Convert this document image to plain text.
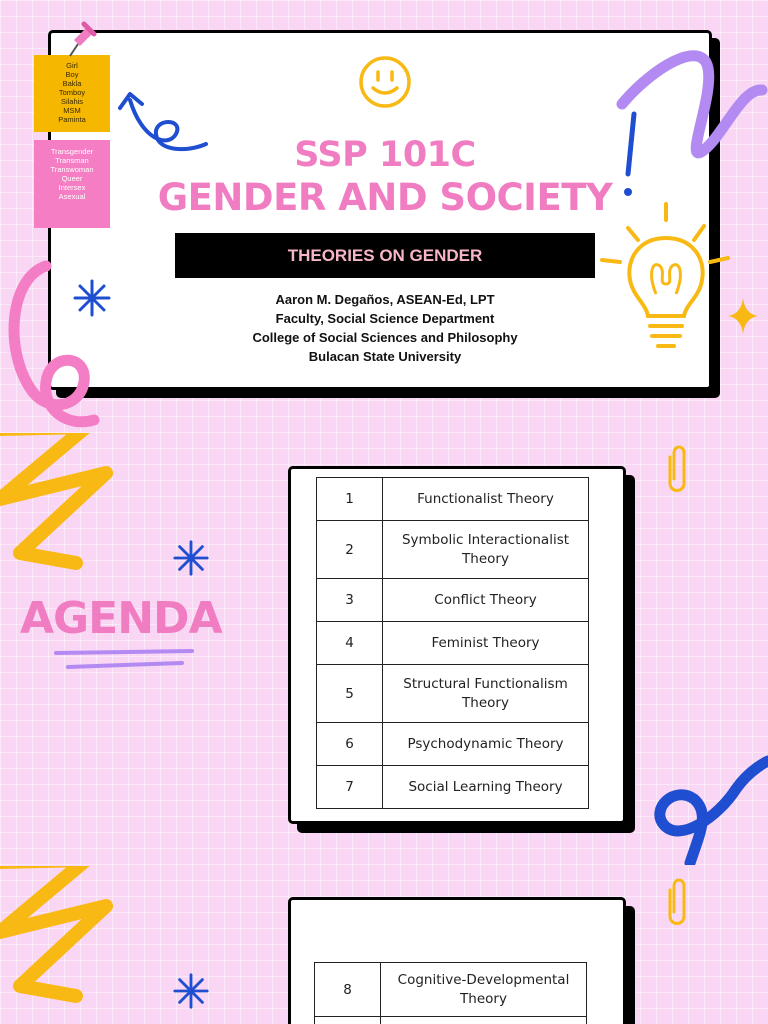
Girl
Boy
Bakla
Tomboy
Silahis
MSM
Paminta
Transgender
Transman
Transwoman
Queer
Intersex
Asexual
SSP 101C
GENDER AND SOCIETY
THEORIES ON GENDER
Aaron M. Degaños, ASEAN-Ed, LPT
Faculty, Social Science Department
College of Social Sciences and Philosophy
Bulacan State University
AGENDA
1	Functionalist Theory
2	Symbolic Interactionalist Theory
3	Conflict Theory
4	Feminist Theory
5	Structural Functionalism Theory
6	Psychodynamic Theory
7	Social Learning Theory
8	Cognitive-Developmental Theory
